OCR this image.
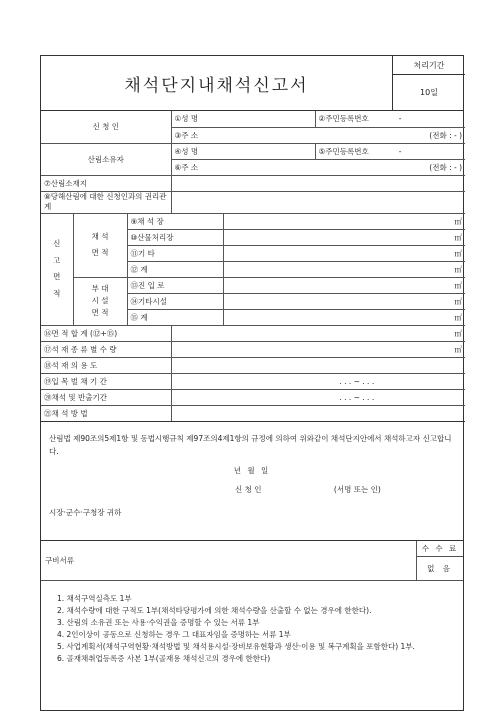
채석단지내채석신고서
처리기간
10일
신 청 인			①성 명		②주민등록번호 -
			③주 소 (전화 : - )		

산림소유자			④성 명		⑤주민등록번호 -
			⑥주 소 (전화 : - )		

⑦산림소재지					
⑧당해산림에 대한 신청인과의 권리관계					
신
고
면
적	채 석
면 적	⑨채 석 장		㎡	
		⑩산물처리장		㎡	
		⑪기 타		㎡	
		⑫ 계		㎡	
	부 대
시 설
면 적	⑬진 입 로		㎡	
		⑭기타시설		㎡	
		⑮ 계		㎡	
⑯면 적 합 계 (⑫+⑮)			㎡		
⑰석 재 종 류 별 수 량			㎥		
⑱석 재 의 용 도					
⑲입 목 벌 채 기 간			. . . ~ . . .		
⑳채석 및 반출기간			. . . ~ . . .		
㉑채 석 방 법					
산림법 제90조의5제1항 및 동법시행규칙 제97조의4제1항의 규정에 의하여 위와같이 채석단지안에서 채석하고자 신고합니다.
년 월 일
신 청 인	(서명 또는 인)
시장·군수·구청장 귀하
구비서류
수 수 료
없 음
1. 채석구역실측도 1부
2. 채석수량에 대한 구적도 1부(채석타당평가에 의한 채석수량을 산출할 수 없는 경우에 한한다).
3. 산림의 소유권 또는 사용·수익권을 증명할 수 있는 서류 1부
4. 2인이상이 공동으로 신청하는 경우 그 대표자임을 증명하는 서류 1부
5. 사업계획서(채석구역현황·채석방법 및 채석용시설·장비보유현황과 생산·이용 및 복구계획을 포함한다) 1부.
6. 골재채취업등록증 사본 1부(골재용 채석신고의 경우에 한한다)
